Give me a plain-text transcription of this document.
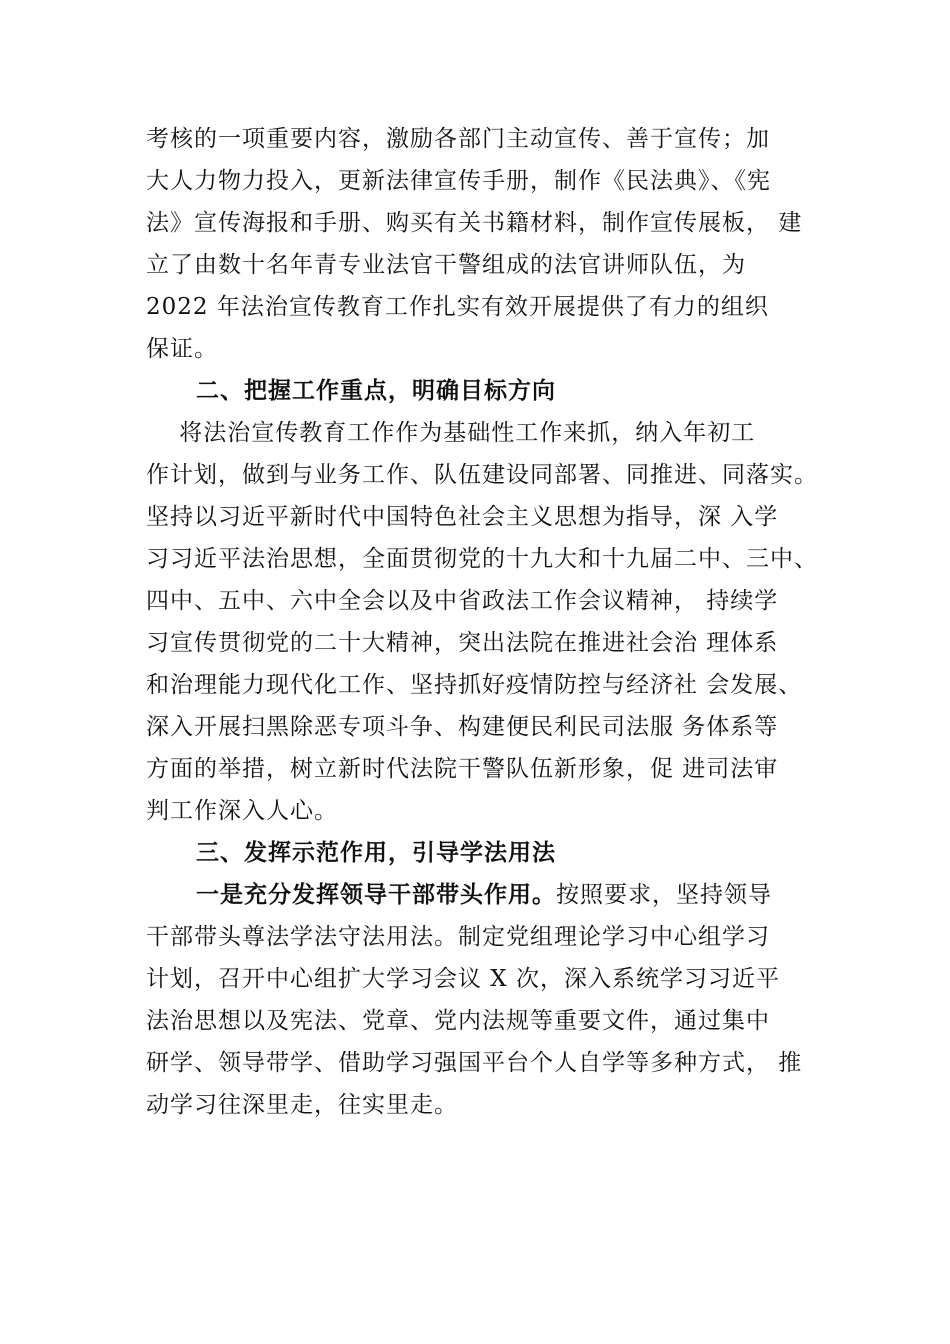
考核的一项重要内容，激励各部门主动宣传、善于宣传；加
大人力物力投入，更新法律宣传手册，制作《民法典》、《宪
法》宣传海报和手册、购买有关书籍材料，制作宣传展板， 建
立了由数十名年青专业法官干警组成的法官讲师队伍，为
2022 年法治宣传教育工作扎实有效开展提供了有力的组织
保证。
二、把握工作重点，明确目标方向
将法治宣传教育工作作为基础性工作来抓，纳入年初工
作计划，做到与业务工作、队伍建设同部署、同推进、同落实。
坚持以习近平新时代中国特色社会主义思想为指导，深 入学
习习近平法治思想，全面贯彻党的十九大和十九届二中、三中、
四中、五中、六中全会以及中省政法工作会议精神， 持续学
习宣传贯彻党的二十大精神，突出法院在推进社会治 理体系
和治理能力现代化工作、坚持抓好疫情防控与经济社 会发展、
深入开展扫黑除恶专项斗争、构建便民利民司法服 务体系等
方面的举措，树立新时代法院干警队伍新形象，促 进司法审
判工作深入人心。
三、发挥示范作用，引导学法用法
一是充分发挥领导干部带头作用。按照要求，坚持领导
干部带头尊法学法守法用法。制定党组理论学习中心组学习
计划，召开中心组扩大学习会议 X 次，深入系统学习习近平
法治思想以及宪法、党章、党内法规等重要文件，通过集中
研学、领导带学、借助学习强国平台个人自学等多种方式， 推
动学习往深里走，往实里走。
